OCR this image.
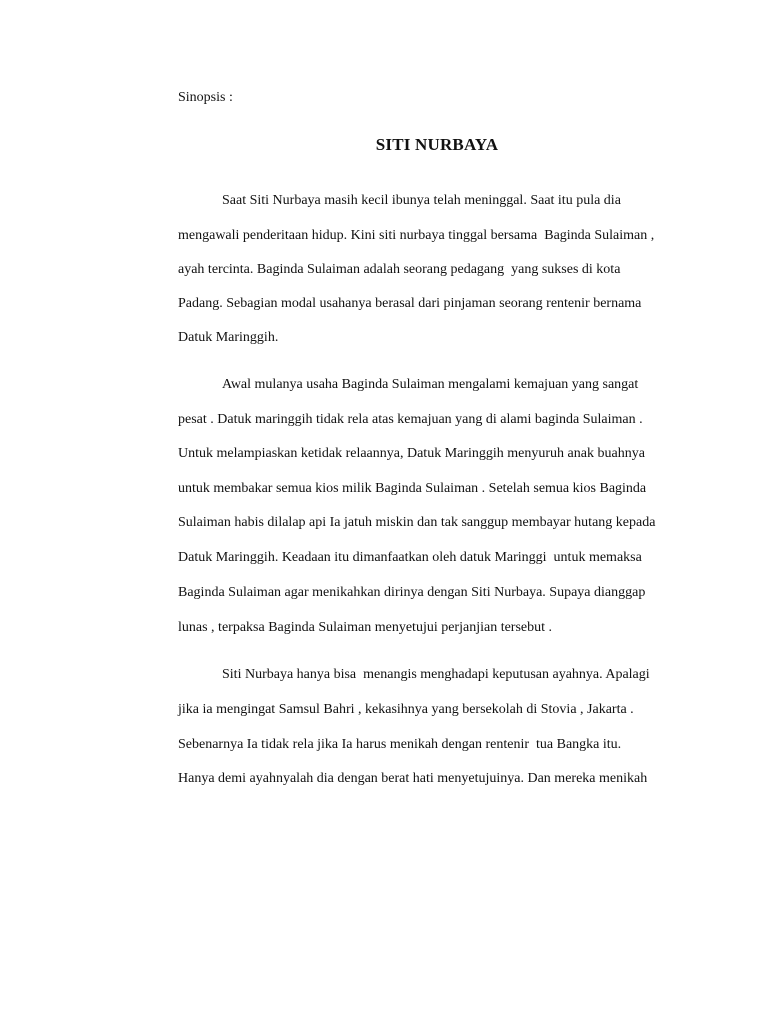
Sinopsis :
SITI NURBAYA
Saat Siti Nurbaya masih kecil ibunya telah meninggal. Saat itu pula dia
mengawali penderitaan hidup. Kini siti nurbaya tinggal bersama  Baginda Sulaiman ,
ayah tercinta. Baginda Sulaiman adalah seorang pedagang  yang sukses di kota
Padang. Sebagian modal usahanya berasal dari pinjaman seorang rentenir bernama
Datuk Maringgih.
Awal mulanya usaha Baginda Sulaiman mengalami kemajuan yang sangat
pesat . Datuk maringgih tidak rela atas kemajuan yang di alami baginda Sulaiman .
Untuk melampiaskan ketidak relaannya, Datuk Maringgih menyuruh anak buahnya
untuk membakar semua kios milik Baginda Sulaiman . Setelah semua kios Baginda
Sulaiman habis dilalap api Ia jatuh miskin dan tak sanggup membayar hutang kepada
Datuk Maringgih. Keadaan itu dimanfaatkan oleh datuk Maringgi  untuk memaksa
Baginda Sulaiman agar menikahkan dirinya dengan Siti Nurbaya. Supaya dianggap
lunas , terpaksa Baginda Sulaiman menyetujui perjanjian tersebut .
Siti Nurbaya hanya bisa  menangis menghadapi keputusan ayahnya. Apalagi
jika ia mengingat Samsul Bahri , kekasihnya yang bersekolah di Stovia , Jakarta .
Sebenarnya Ia tidak rela jika Ia harus menikah dengan rentenir  tua Bangka itu.
Hanya demi ayahnyalah dia dengan berat hati menyetujuinya. Dan mereka menikah
